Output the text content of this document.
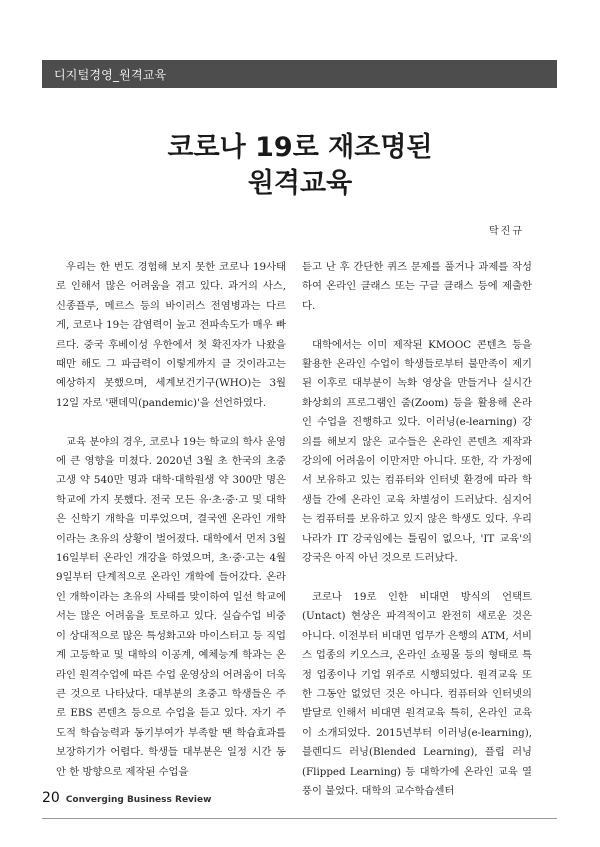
디지털경영_원격교육
코로나 19로 재조명된
원격교육
탁진규

우리는 한 번도 경험해 보지 못한 코로나 19사태로 인해서 많은 어려움을 겪고 있다. 과거의 사스, 신종플루, 메르스 등의 바이러스 전염병과는 다르게, 코로나 19는 감염력이 높고 전파속도가 매우 빠르다. 중국 후베이성 우한에서 첫 확진자가 나왔을 때만 해도 그 파급력이 이렇게까지 클 것이라고는 예상하지 못했으며, 세계보건기구(WHO)는 3월 12일 자로 '팬데믹(pandemic)'을 선언하였다.

교육 분야의 경우, 코로나 19는 학교의 학사 운영에 큰 영향을 미쳤다. 2020년 3월 초 한국의 초중고생 약 540만 명과 대학·대학원생 약 300만 명은 학교에 가지 못했다. 전국 모든 유·초·중·고 및 대학은 신학기 개학을 미루었으며, 결국엔 온라인 개학이라는 초유의 상황이 벌어졌다. 대학에서 먼저 3월 16일부터 온라인 개강을 하였으며, 초·중·고는 4월 9일부터 단계적으로 온라인 개학에 들어갔다. 온라인 개학이라는 초유의 사태를 맞이하여 일선 학교에서는 많은 어려움을 토로하고 있다. 실습수업 비중이 상대적으로 많은 특성화고와 마이스터고 등 직업계 고등학교 및 대학의 이공계, 예체능계 학과는 온라인 원격수업에 따른 수업 운영상의 어려움이 더욱 큰 것으로 나타났다. 대부분의 초중고 학생들은 주로 EBS 콘텐츠 등으로 수업을 듣고 있다. 자기 주도적 학습능력과 동기부여가 부족할 땐 학습효과를 보장하기가 어렵다. 학생들 대부분은 일정 시간 동안 한 방향으로 제작된 수업을

듣고 난 후 간단한 퀴즈 문제를 풀거나 과제를 작성하여 온라인 클래스 또는 구글 클래스 등에 제출한다.

대학에서는 이미 제작된 KMOOC 콘텐츠 등을 활용한 온라인 수업이 학생들로부터 불만족이 제기된 이후로 대부분이 녹화 영상을 만들거나 실시간 화상회의 프로그램인 줌(Zoom) 등을 활용해 온라인 수업을 진행하고 있다. 이러닝(e-learning) 강의를 해보지 않은 교수들은 온라인 콘텐츠 제작과 강의에 어려움이 이만저만 아니다. 또한, 각 가정에서 보유하고 있는 컴퓨터와 인터넷 환경에 따라 학생들 간에 온라인 교육 차별성이 드러났다. 심지어는 컴퓨터를 보유하고 있지 않은 학생도 있다. 우리나라가 IT 강국임에는 틀림이 없으나, 'IT 교육'의 강국은 아직 아닌 것으로 드러났다.

코로나 19로 인한 비대면 방식의 언택트(Untact) 현상은 파격적이고 완전히 새로운 것은 아니다. 이전부터 비대면 업무가 은행의 ATM, 서비스 업종의 키오스크, 온라인 쇼핑몰 등의 형태로 특정 업종이나 기업 위주로 시행되었다. 원격교육 또한 그동안 없었던 것은 아니다. 컴퓨터와 인터넷의 발달로 인해서 비대면 원격교육 특히, 온라인 교육이 소개되었다. 2015년부터 이러닝(e-learning), 블렌디드 러닝(Blended Learning), 플립 러닝(Flipped Learning) 등 대학가에 온라인 교육 열풍이 불었다. 대학의 교수학습센터

20 Converging Business Review
